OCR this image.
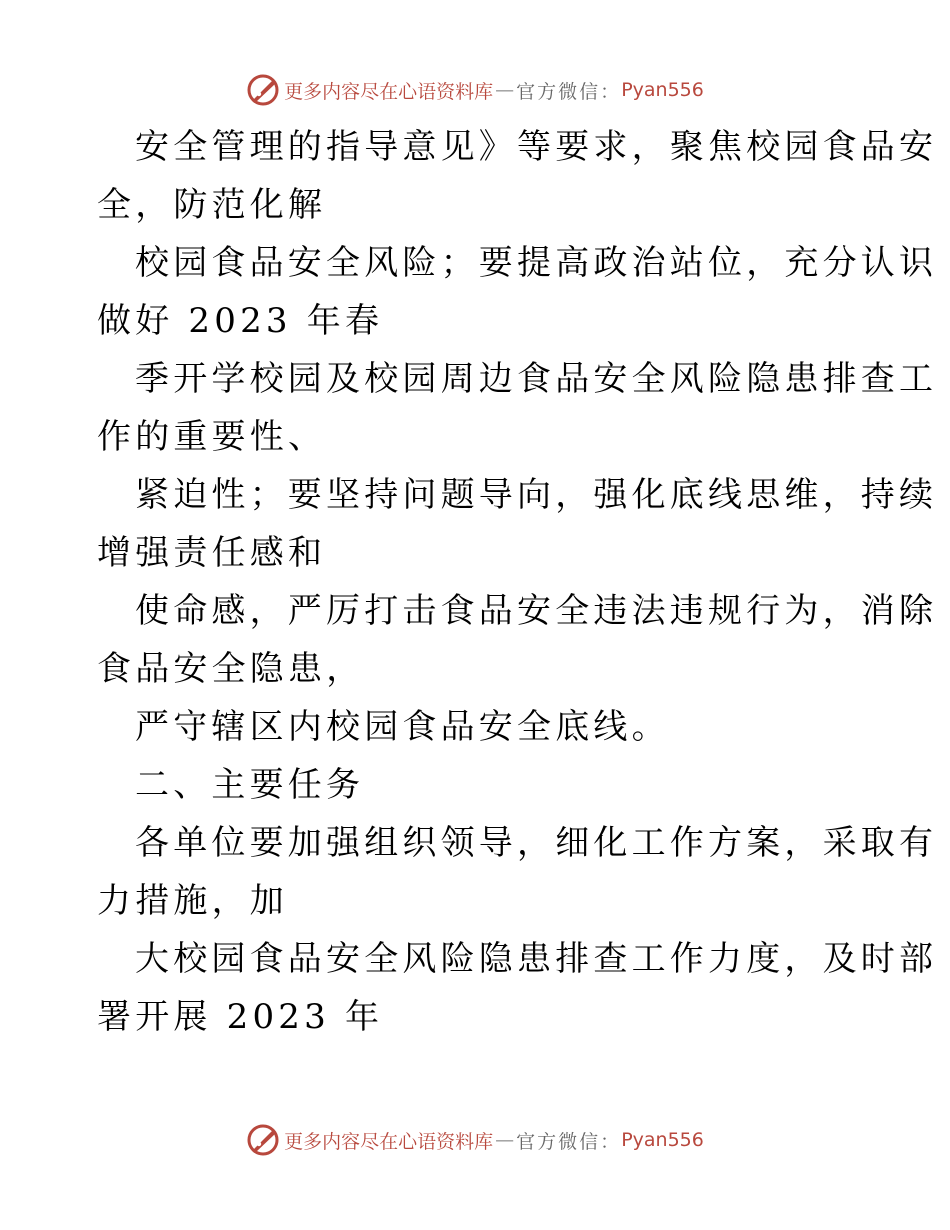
更多内容尽在心语资料库 — 官方微信： Pyan556
安全管理的指导意见》等要求，聚焦校园食品安
全，防范化解
校园食品安全风险；要提高政治站位，充分认识
做好 2023 年春
季开学校园及校园周边食品安全风险隐患排查工
作的重要性、
紧迫性；要坚持问题导向，强化底线思维，持续
增强责任感和
使命感，严厉打击食品安全违法违规行为，消除
食品安全隐患，
严守辖区内校园食品安全底线。
二、主要任务
各单位要加强组织领导，细化工作方案，采取有
力措施，加
大校园食品安全风险隐患排查工作力度，及时部
署开展 2023 年
更多内容尽在心语资料库 — 官方微信： Pyan556
